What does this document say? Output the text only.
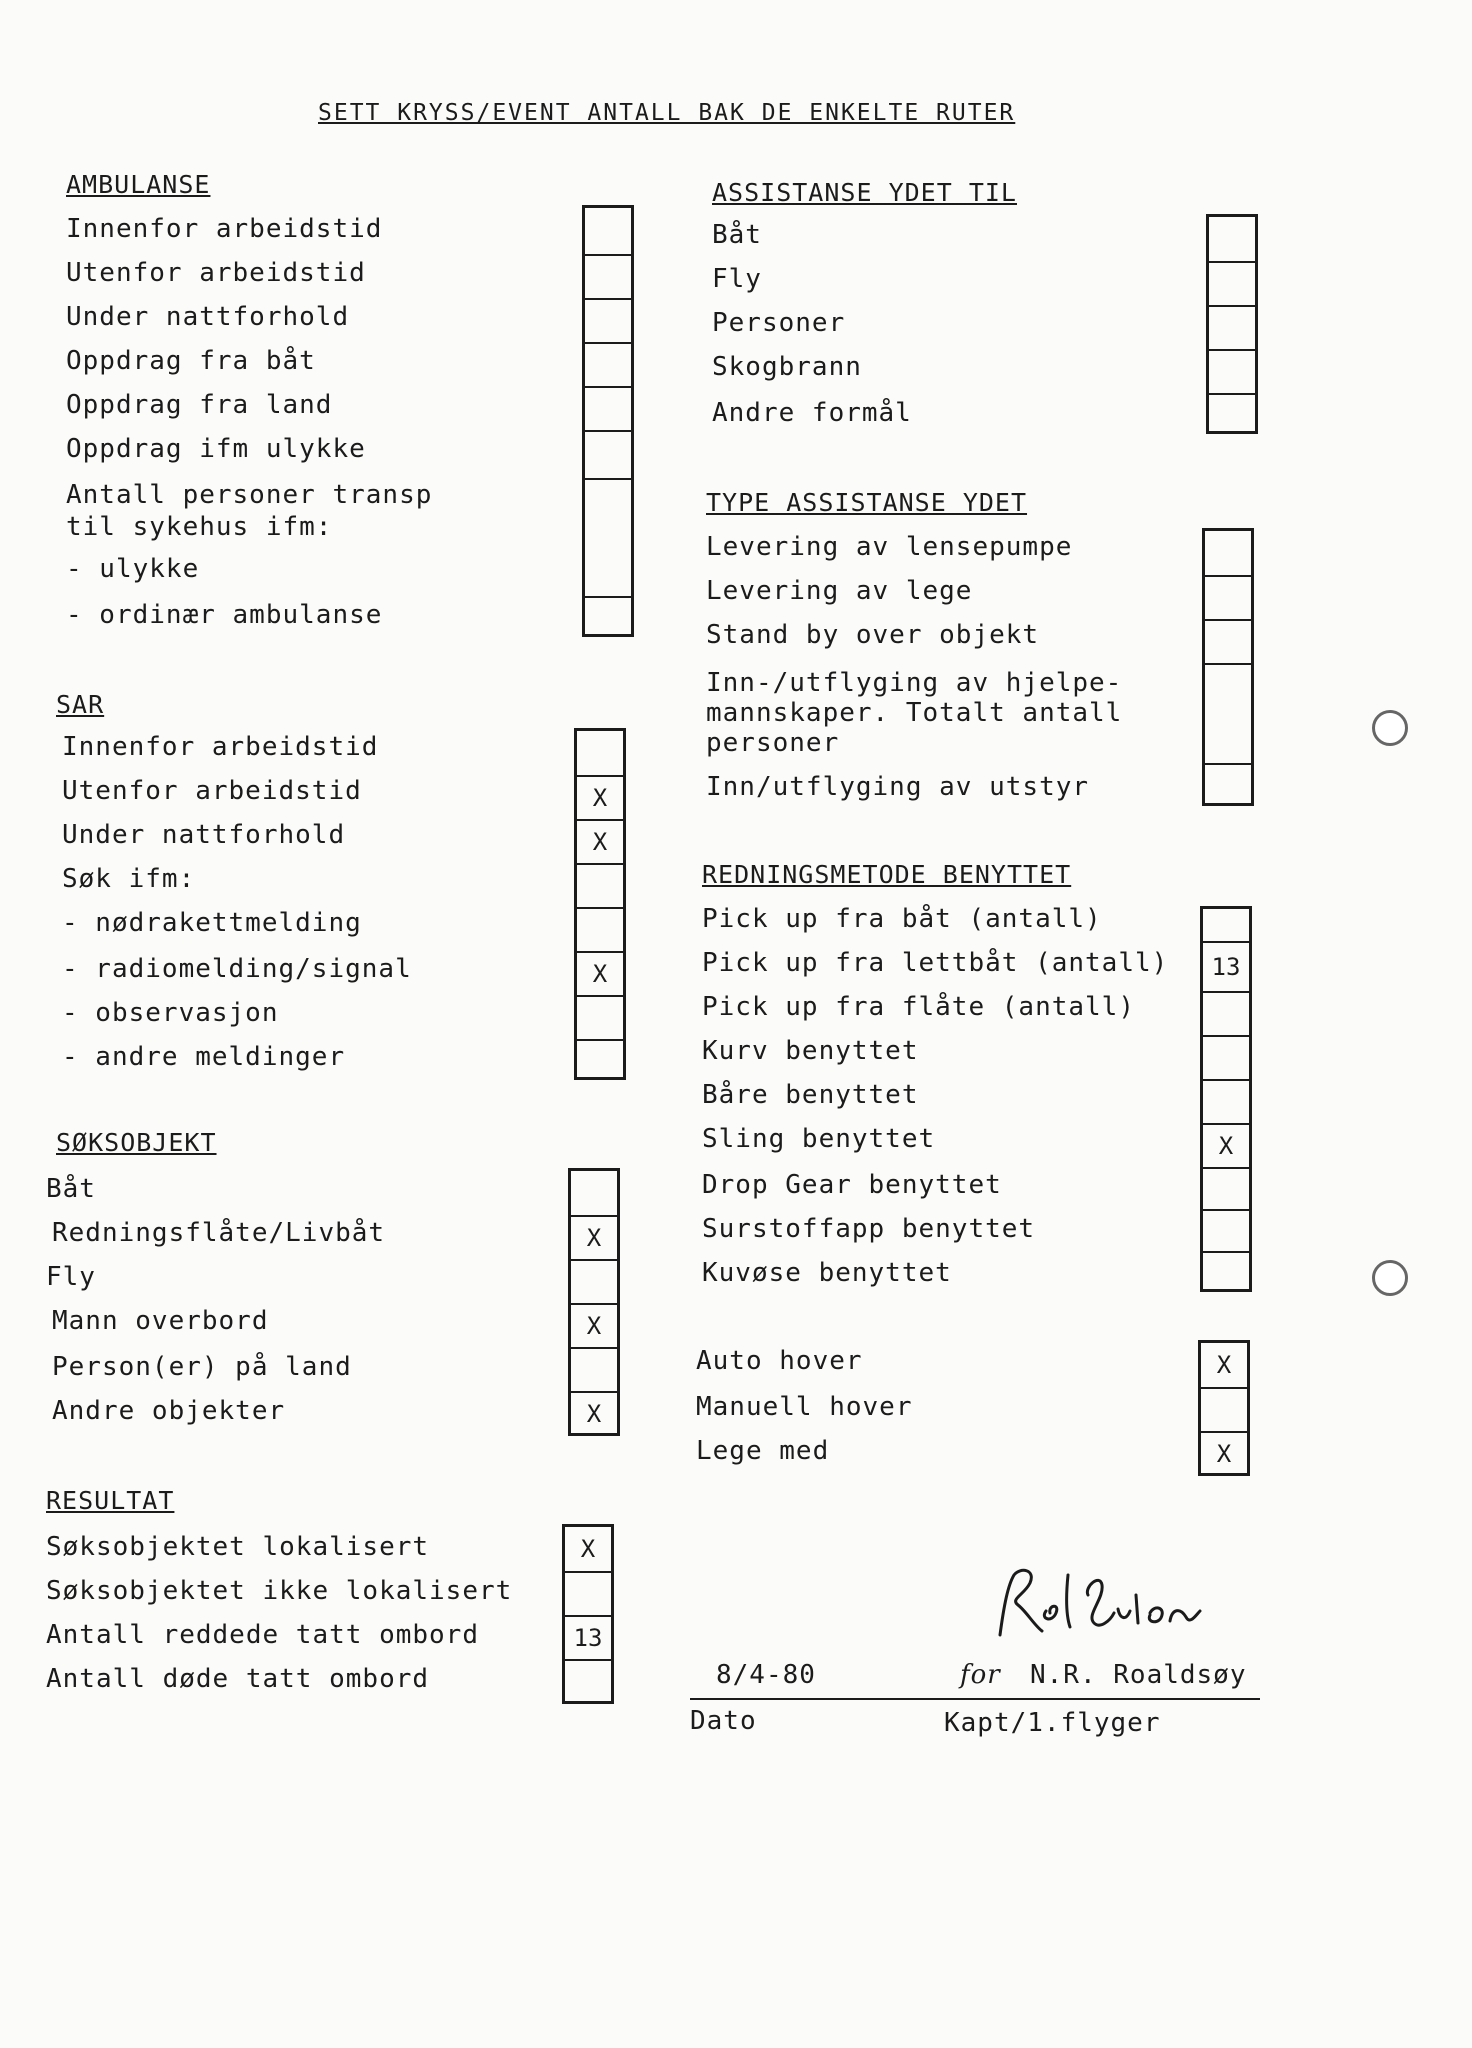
SETT KRYSS/EVENT ANTALL BAK DE ENKELTE RUTER
AMBULANSE
Innenfor arbeidstid
Utenfor arbeidstid
Under nattforhold
Oppdrag fra båt
Oppdrag fra land
Oppdrag ifm ulykke
Antall personer transp
til sykehus ifm:
- ulykke
- ordinær ambulanse
SAR
Innenfor arbeidstid
Utenfor arbeidstid
Under nattforhold
Søk ifm:
- nødrakettmelding
- radiomelding/signal
- observasjon
- andre meldinger
X
X
X
SØKSOBJEKT
Båt
Redningsflåte/Livbåt
Fly
Mann overbord
Person(er) på land
Andre objekter
X
X
X
RESULTAT
Søksobjektet lokalisert
Søksobjektet ikke lokalisert
Antall reddede tatt ombord
Antall døde tatt ombord
X
13
ASSISTANSE YDET TIL
Båt
Fly
Personer
Skogbrann
Andre formål
TYPE ASSISTANSE YDET
Levering av lensepumpe
Levering av lege
Stand by over objekt
Inn-/utflyging av hjelpe-
mannskaper. Totalt antall
personer
Inn/utflyging av utstyr
REDNINGSMETODE BENYTTET
Pick up fra båt (antall)
Pick up fra lettbåt (antall)
Pick up fra flåte (antall)
Kurv benyttet
Båre benyttet
Sling benyttet
Drop Gear benyttet
Surstoffapp benyttet
Kuvøse benyttet
13
X
Auto hover
Manuell hover
Lege med
X
X
8/4-80
Dato
for N.R. Roaldsøy
Kapt/1.flyger
